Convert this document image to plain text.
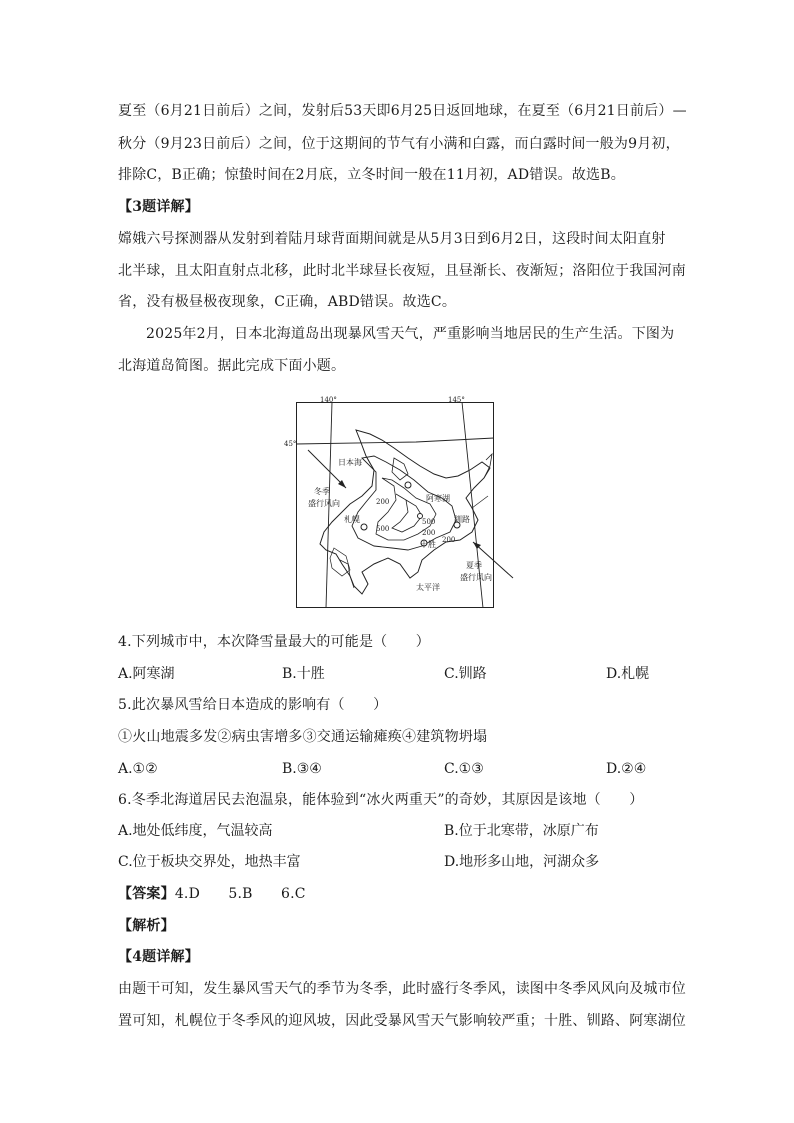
夏至（6月21日前后）之间，发射后53天即6月25日返回地球，在夏至（6月21日前后）—
秋分（9月23日前后）之间，位于这期间的节气有小满和白露，而白露时间一般为9月初，
排除C，B正确；惊蛰时间在2月底，立冬时间一般在11月初，AD错误。故选B。
【3题详解】
嫦娥六号探测器从发射到着陆月球背面期间就是从5月3日到6月2日，这段时间太阳直射
北半球，且太阳直射点北移，此时北半球昼长夜短，且昼渐长、夜渐短；洛阳位于我国河南
省，没有极昼极夜现象，C正确，ABD错误。故选C。
2025年2月，日本北海道岛出现暴风雪天气，严重影响当地居民的生产生活。下图为
北海道岛简图。据此完成下面小题。
140°	145°
45°
日本海
冬季
盛行风向
夏季
盛行风向
太平洋
札幌
阿寒湖
釧路
十胜
200
500
500	200
200
4.下列城市中，本次降雪量最大的可能是（　　）
A.阿寒湖	B.十胜	C.钏路	D.札幌
5.此次暴风雪给日本造成的影响有（　　）
①火山地震多发②病虫害增多③交通运输瘫痪④建筑物坍塌
A.①②	B.③④	C.①③	D.②④
6.冬季北海道居民去泡温泉，能体验到“冰火两重天”的奇妙，其原因是该地（　　）
A.地处低纬度，气温较高	B.位于北寒带，冰原广布
C.位于板块交界处，地热丰富	D.地形多山地，河湖众多
【答案】4.D　　5.B　　6.C
【解析】
【4题详解】
由题干可知，发生暴风雪天气的季节为冬季，此时盛行冬季风，读图中冬季风风向及城市位
置可知，札幌位于冬季风的迎风坡，因此受暴风雪天气影响较严重；十胜、钏路、阿寒湖位
